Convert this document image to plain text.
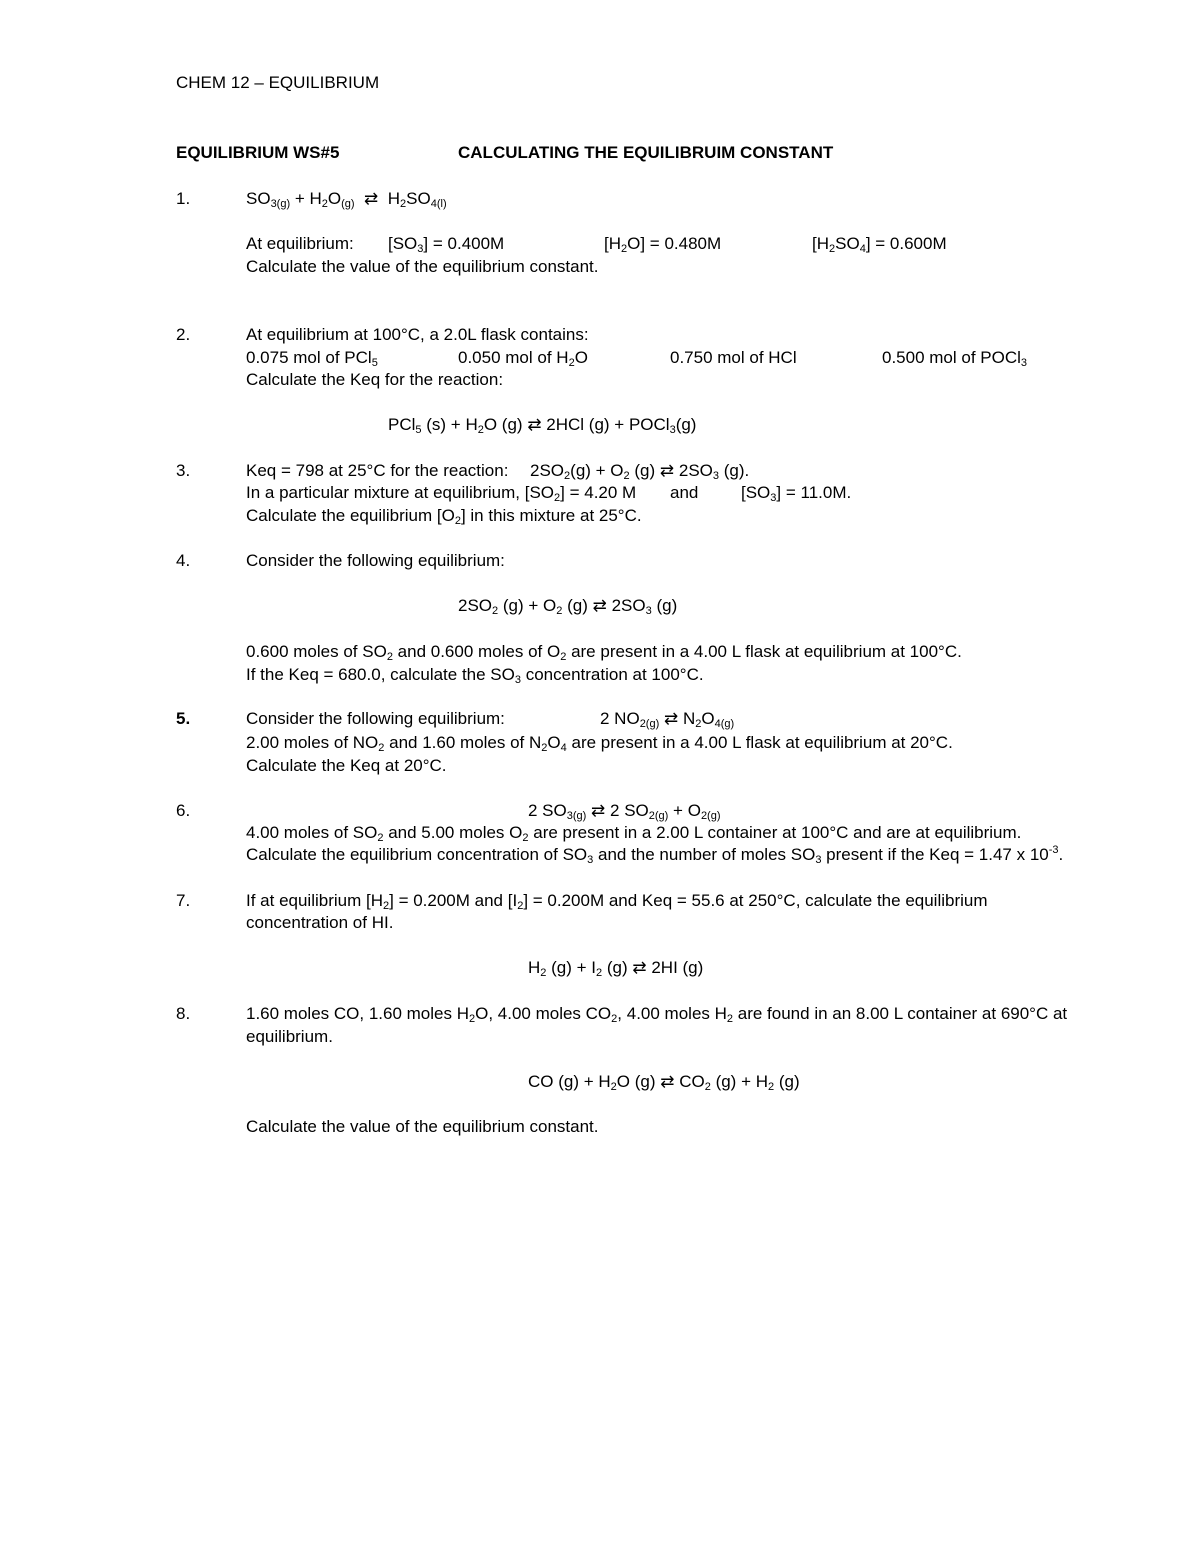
CHEM 12 – EQUILIBRIUM
EQUILIBRIUM WS#5	CALCULATING THE EQUILIBRUIM CONSTANT
1.	$SO_{3(g)} + H_2O_{(g)}$ ⇄ $H_2SO_{4(l)}$
At equilibrium: $[SO_3] = 0.400M$	$[H_2O] = 0.480M$	$[H_2SO_4] = 0.600M$
Calculate the value of the equilibrium constant.
2.	At equilibrium at 100°C, a 2.0L flask contains:
0.075 mol of PCl$_5$	0.050 mol of $H_2O$	0.750 mol of HCl	0.500 mol of POCl$_3$
Calculate the Keq for the reaction:
PCl$_5$ $(s) + H_2O$ (g) ⇄ 2HCl (g) + POCl$_3$(g)
3.	Keq = 798 at 25°C for the reaction: $2SO_2(g) + O_2$ (g) ⇄ $2SO_3$ (g).
In a particular mixture at equilibrium, $[SO_2] = 4.20$ M and	$[SO_3] = 11.0M$.
Calculate the equilibrium $[O_2]$ in this mixture at 25°C.
4.	Consider the following equilibrium:
$2SO_2$ $(g) + O_2$ (g) ⇄ $2SO_3$ (g)
0.600 moles of $SO_2$ and 0.600 moles of $O_2$ are present in a 4.00 L flask at equilibrium at 100°C.
If the Keq = 680.0, calculate the $SO_3$ concentration at 100°C.
5.	Consider the following equilibrium:	2 $NO_{2(g)}$ ⇄ $N_2O_{4(g)}$
2.00 moles of $NO_2$ and 1.60 moles of $N_2O_4$ are present in a 4.00 L flask at equilibrium at 20°C.
Calculate the Keq at 20°C.
6.	2 $SO_{3(g)}$ ⇄ 2 $SO_{2(g)} + O_{2(g)}$
4.00 moles of $SO_2$ and 5.00 moles $O_2$ are present in a 2.00 L container at 100°C and are at equilibrium.
Calculate the equilibrium concentration of $SO_3$ and the number of moles $SO_3$ present if the Keq = 1.47 x $10^{-3}$.
7.	If at equilibrium $[H_2] = 0.200M$ and $[I_2] = 0.200M$ and Keq = 55.6 at 250°C, calculate the equilibrium
concentration of HI.
$H_2$ $(g) + I_2$ (g) ⇄ 2HI (g)
8.	1.60 moles CO, 1.60 moles $H_2O$, 4.00 moles $CO_2$, 4.00 moles $H_2$ are found in an 8.00 L container at 690°C at
equilibrium.
CO $(g) + H_2O$ (g) ⇄ $CO_2$ $(g) + H_2$ (g)
Calculate the value of the equilibrium constant.
